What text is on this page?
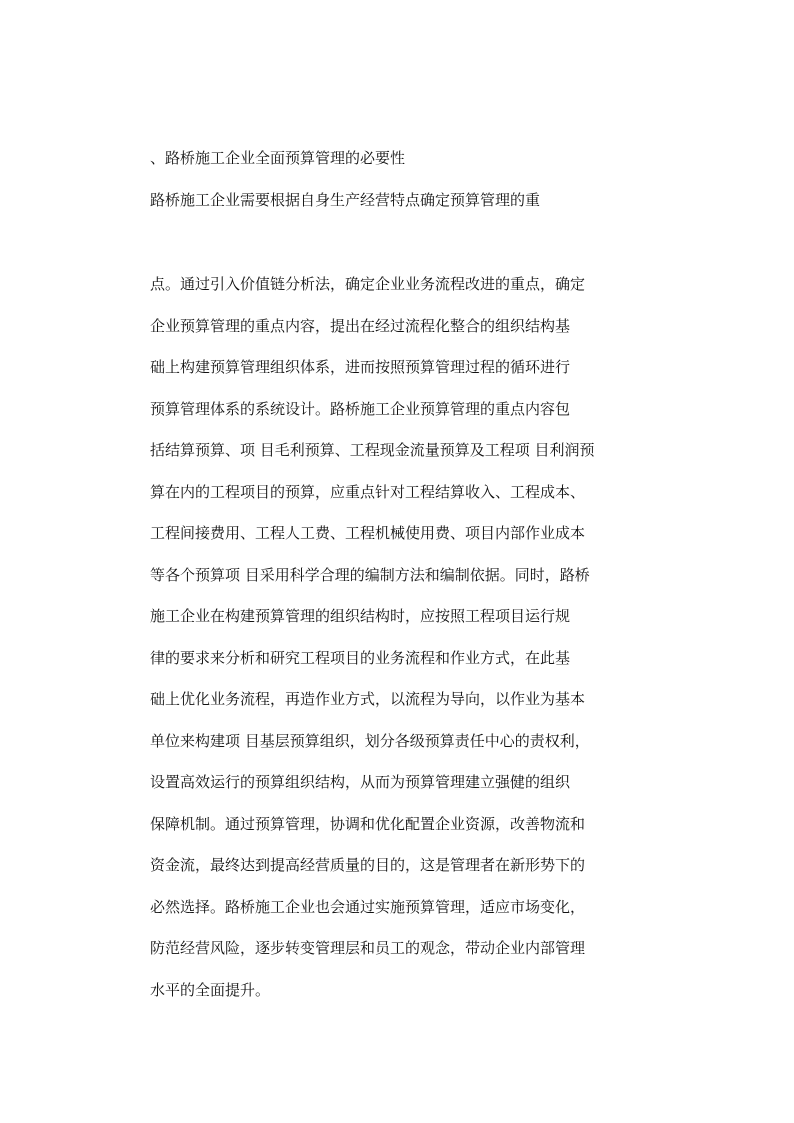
、路桥施工企业全面预算管理的必要性
路桥施工企业需要根据自身生产经营特点确定预算管理的重
点。通过引入价值链分析法，确定企业业务流程改进的重点，确定
企业预算管理的重点内容，提出在经过流程化整合的组织结构基
础上构建预算管理组织体系，进而按照预算管理过程的循环进行
预算管理体系的系统设计。路桥施工企业预算管理的重点内容包
括结算预算、项 目毛利预算、工程现金流量预算及工程项 目利润预
算在内的工程项目的预算，应重点针对工程结算收入、工程成本、
工程间接费用、工程人工费、工程机械使用费、项目内部作业成本
等各个预算项 目采用科学合理的编制方法和编制依据。同时，路桥
施工企业在构建预算管理的组织结构时，应按照工程项目运行规
律的要求来分析和研究工程项目的业务流程和作业方式，在此基
础上优化业务流程，再造作业方式，以流程为导向，以作业为基本
单位来构建项 目基层预算组织，划分各级预算责任中心的责权利，
设置高效运行的预算组织结构，从而为预算管理建立强健的组织
保障机制。通过预算管理，协调和优化配置企业资源，改善物流和
资金流，最终达到提高经营质量的目的，这是管理者在新形势下的
必然选择。路桥施工企业也会通过实施预算管理，适应市场变化，
防范经营风险，逐步转变管理层和员工的观念，带动企业内部管理
水平的全面提升。
